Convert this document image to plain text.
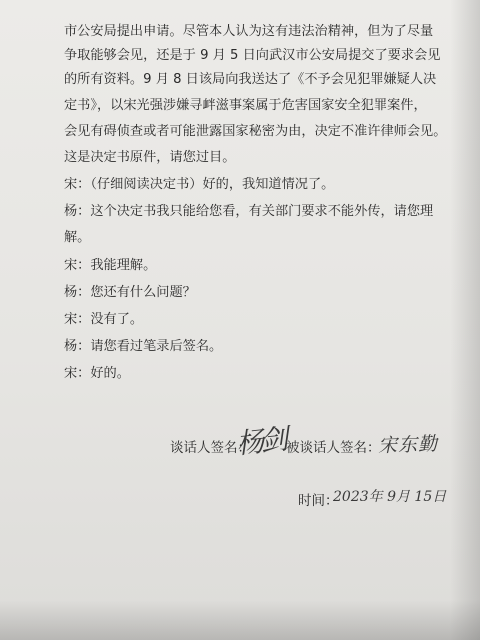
市公安局提出申请。尽管本人认为这有违法治精神，但为了尽量
争取能够会见，还是于 9 月 5 日向武汉市公安局提交了要求会见
的所有资料。9 月 8 日该局向我送达了《不予会见犯罪嫌疑人决
定书》，以宋光强涉嫌寻衅滋事案属于危害国家安全犯罪案件，
会见有碍侦查或者可能泄露国家秘密为由，决定不准许律师会见。
这是决定书原件，请您过目。
宋：（仔细阅读决定书）好的，我知道情况了。
杨：这个决定书我只能给您看，有关部门要求不能外传，请您理
解。
宋：我能理解。
杨：您还有什么问题？
宋：没有了。
杨：请您看过笔录后签名。
宋：好的。
谈话人签名：
杨剑 被谈话人签名：
宋东勤
时间：
2023年 9月 15日
